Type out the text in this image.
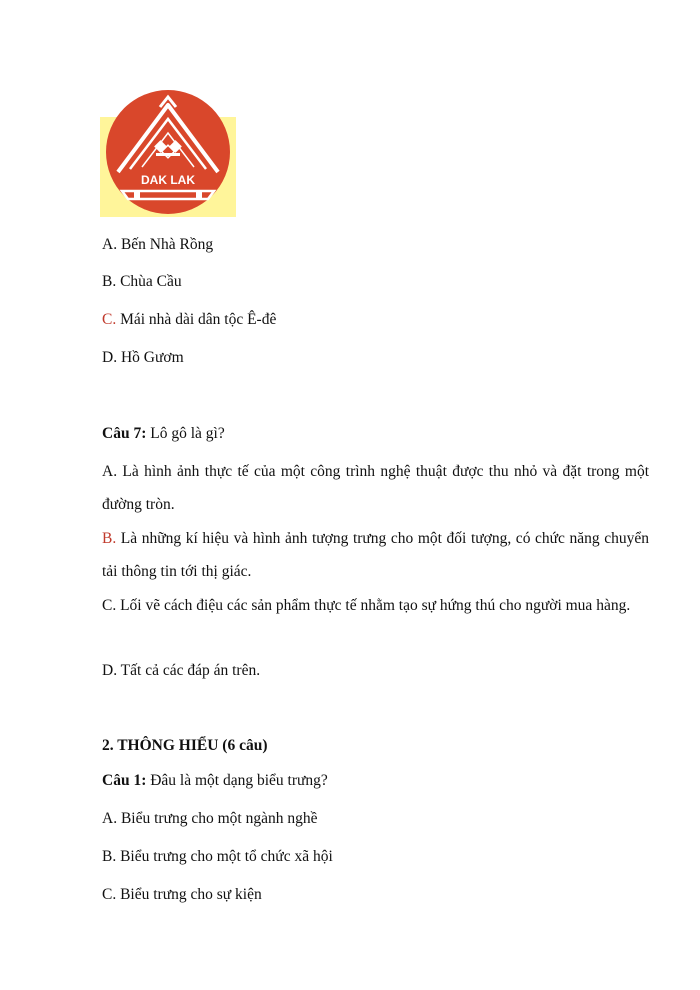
DAK LAK
A. Bến Nhà Rồng
B. Chùa Cầu
C. Mái nhà dài dân tộc Ê-đê
D. Hồ Gươm
Câu 7: Lô gô là gì?
A. Là hình ảnh thực tế của một công trình nghệ thuật được thu nhỏ và đặt trong một đường tròn.
B. Là những kí hiệu và hình ảnh tượng trưng cho một đối tượng, có chức năng chuyển tải thông tin tới thị giác.
C. Lối vẽ cách điệu các sản phẩm thực tế nhằm tạo sự hứng thú cho người mua hàng.
D. Tất cả các đáp án trên.
2. THÔNG HIỂU (6 câu)
Câu 1: Đâu là một dạng biểu trưng?
A. Biểu trưng cho một ngành nghề
B. Biểu trưng cho một tổ chức xã hội
C. Biểu trưng cho sự kiện
